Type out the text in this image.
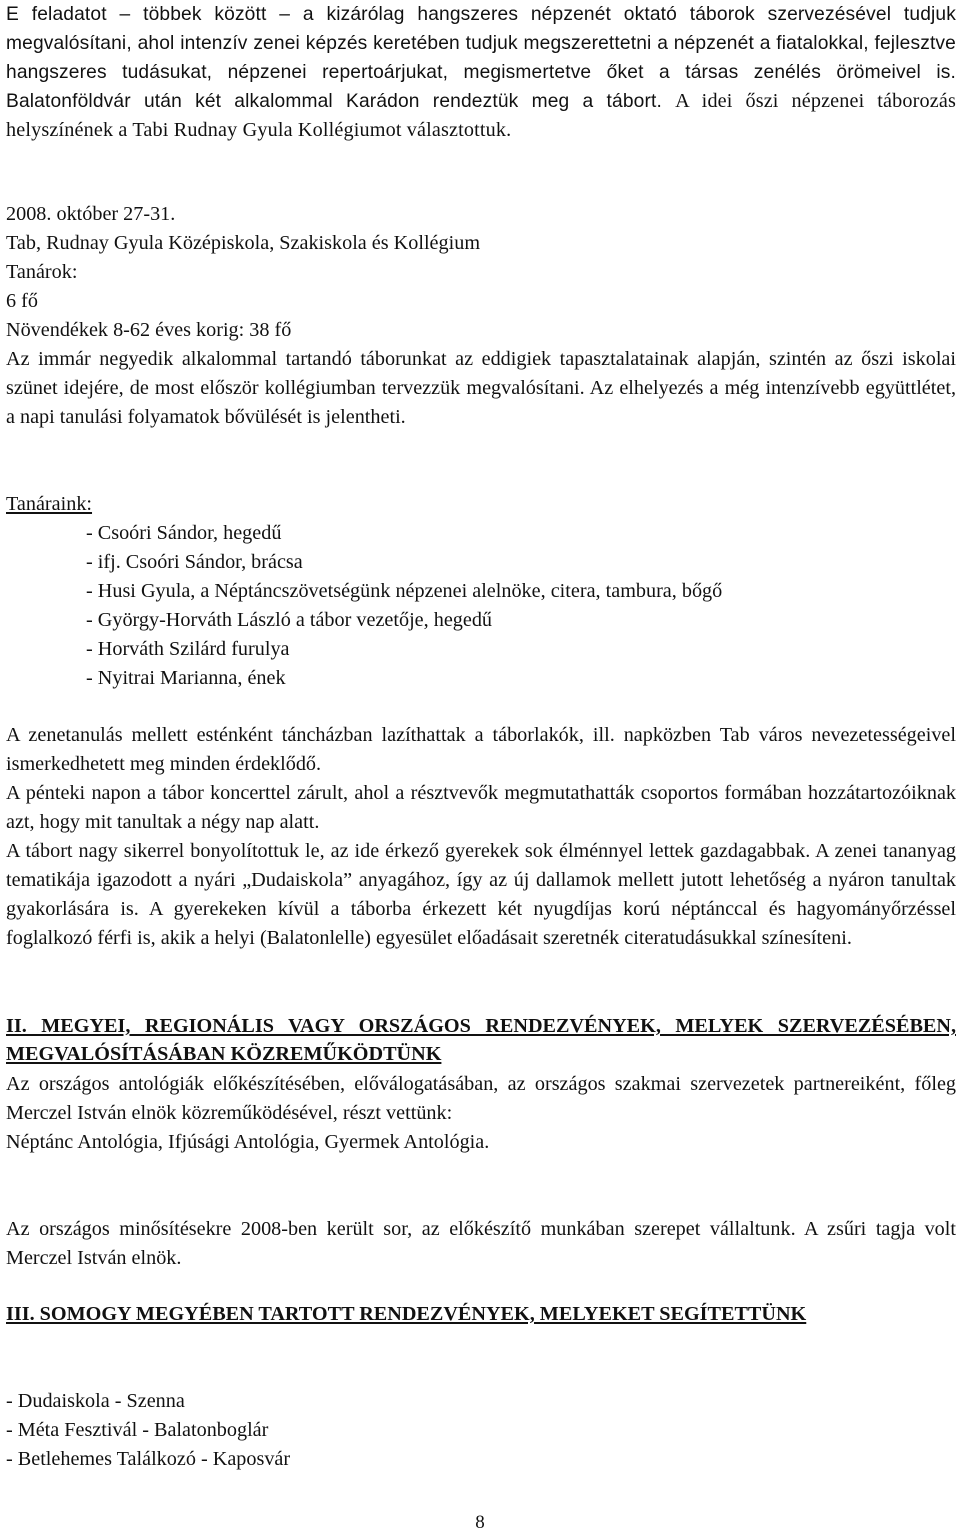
E feladatot – többek között – a kizárólag hangszeres népzenét oktató táborok szervezésével tudjuk megvalósítani, ahol intenzív zenei képzés keretében tudjuk megszerettetni a népzenét a fiatalokkal, fejlesztve hangszeres tudásukat, népzenei repertoárjukat, megismertetve őket a társas zenélés örömeivel is. Balatonföldvár után két alkalommal Karádon rendeztük meg a tábort. A idei őszi népzenei táborozás helyszínének a Tabi Rudnay Gyula Kollégiumot választottuk.
2008. október 27-31.
Tab, Rudnay Gyula Középiskola, Szakiskola és Kollégium
Tanárok:
6 fő
Növendékek 8-62 éves korig: 38 fő

Az immár negyedik alkalommal tartandó táborunkat az eddigiek tapasztalatainak alapján, szintén az őszi iskolai szünet idejére, de most először kollégiumban tervezzük megvalósítani. Az elhelyezés a még intenzívebb együttlétet, a napi tanulási folyamatok bővülését is jelentheti.

Tanáraink:
- Csoóri Sándor, hegedű
- ifj. Csoóri Sándor, brácsa
- Husi Gyula, a Néptáncszövetségünk népzenei alelnöke, citera, tambura, bőgő
- György-Horváth László a tábor vezetője, hegedű
- Horváth Szilárd furulya
- Nyitrai Marianna, ének

A zenetanulás mellett esténként táncházban lazíthattak a táborlakók, ill. napközben Tab város nevezetességeivel ismerkedhetett meg minden érdeklődő.

A pénteki napon a tábor koncerttel zárult, ahol a résztvevők megmutathatták csoportos formában hozzátartozóiknak azt, hogy mit tanultak a négy nap alatt.

A tábort nagy sikerrel bonyolítottuk le, az ide érkező gyerekek sok élménnyel lettek gazdagabbak. A zenei tananyag tematikája igazodott a nyári „Dudaiskola” anyagához, így az új dallamok mellett jutott lehetőség a nyáron tanultak gyakorlására is. A gyerekeken kívül a táborba érkezett két nyugdíjas korú néptánccal és hagyományőrzéssel foglalkozó férfi is, akik a helyi (Balatonlelle) egyesület előadásait szeretnék citeratudásukkal színesíteni.

II. MEGYEI, REGIONÁLIS VAGY ORSZÁGOS RENDEZVÉNYEK, MELYEK SZERVEZÉSÉBEN, MEGVALÓSÍTÁSÁBAN KÖZREMŰKÖDTÜNK

Az országos antológiák előkészítésében, előválogatásában, az országos szakmai szervezetek partnereiként, főleg Merczel István elnök közreműködésével, részt vettünk:

Néptánc Antológia, Ifjúsági Antológia, Gyermek Antológia.

Az országos minősítésekre 2008-ben került sor, az előkészítő munkában szerepet vállaltunk. A zsűri tagja volt Merczel István elnök.

III. SOMOGY MEGYÉBEN TARTOTT RENDEZVÉNYEK, MELYEKET SEGÍTETTÜNK
- Dudaiskola - Szenna
- Méta Fesztivál - Balatonboglár
- Betlehemes Találkozó - Kaposvár
8
